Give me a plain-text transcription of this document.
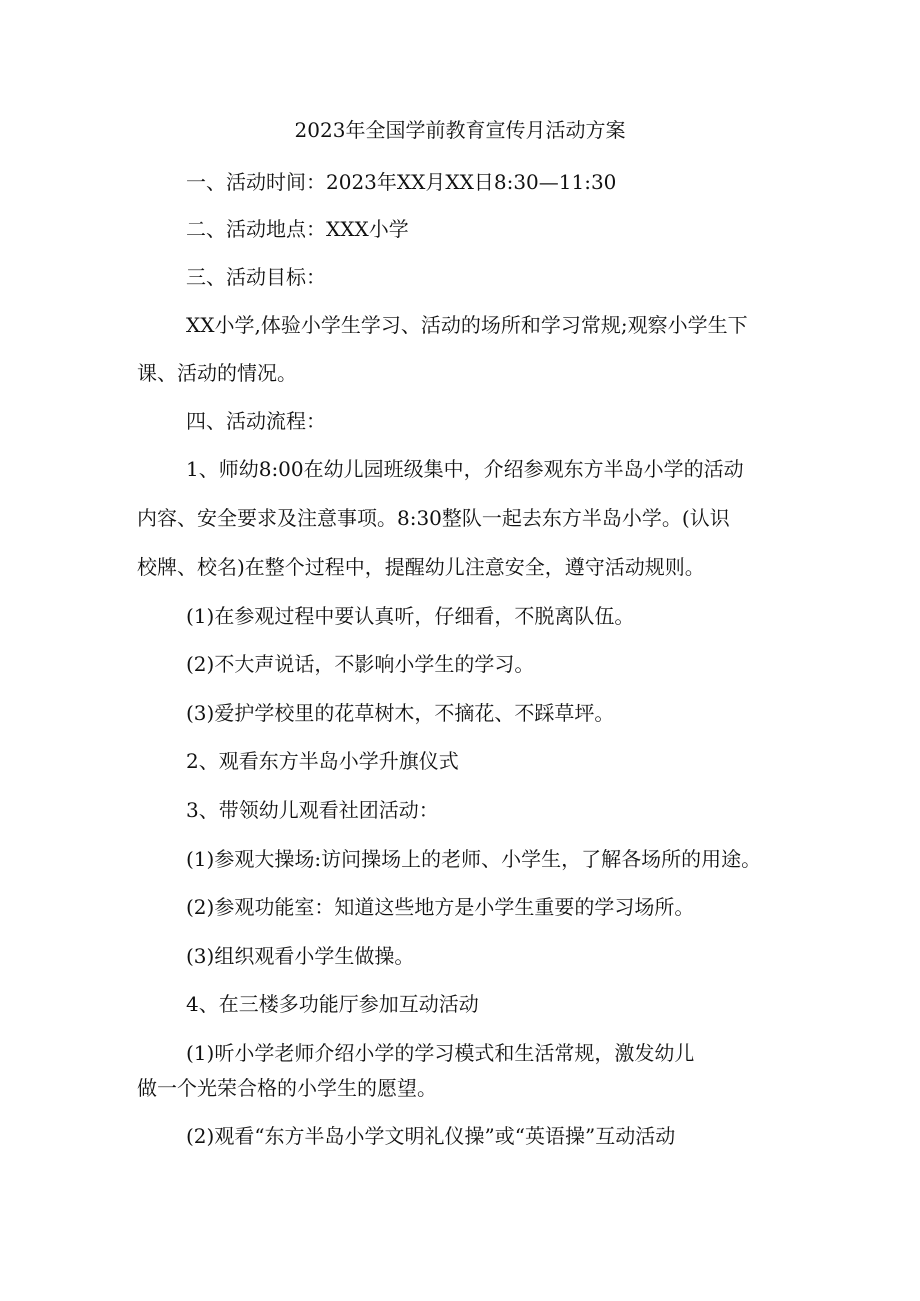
2023年全国学前教育宣传月活动方案
一、活动时间：2023年XX月XX日8:30—11:30
二、活动地点：XXX小学
三、活动目标：
XX小学,体验小学生学习、活动的场所和学习常规;观察小学生下
课、活动的情况。
四、活动流程：
1、师幼8:00在幼儿园班级集中，介绍参观东方半岛小学的活动
内容、安全要求及注意事项。8:30整队一起去东方半岛小学。(认识
校牌、校名)在整个过程中，提醒幼儿注意安全，遵守活动规则。
(1)在参观过程中要认真听，仔细看，不脱离队伍。
(2)不大声说话，不影响小学生的学习。
(3)爱护学校里的花草树木，不摘花、不踩草坪。
2、观看东方半岛小学升旗仪式
3、带领幼儿观看社团活动：
(1)参观大操场:访问操场上的老师、小学生，了解各场所的用途。
(2)参观功能室：知道这些地方是小学生重要的学习场所。
(3)组织观看小学生做操。
4、在三楼多功能厅参加互动活动
(1)听小学老师介绍小学的学习模式和生活常规，激发幼儿
做一个光荣合格的小学生的愿望。
(2)观看“东方半岛小学文明礼仪操”或“英语操”互动活动
